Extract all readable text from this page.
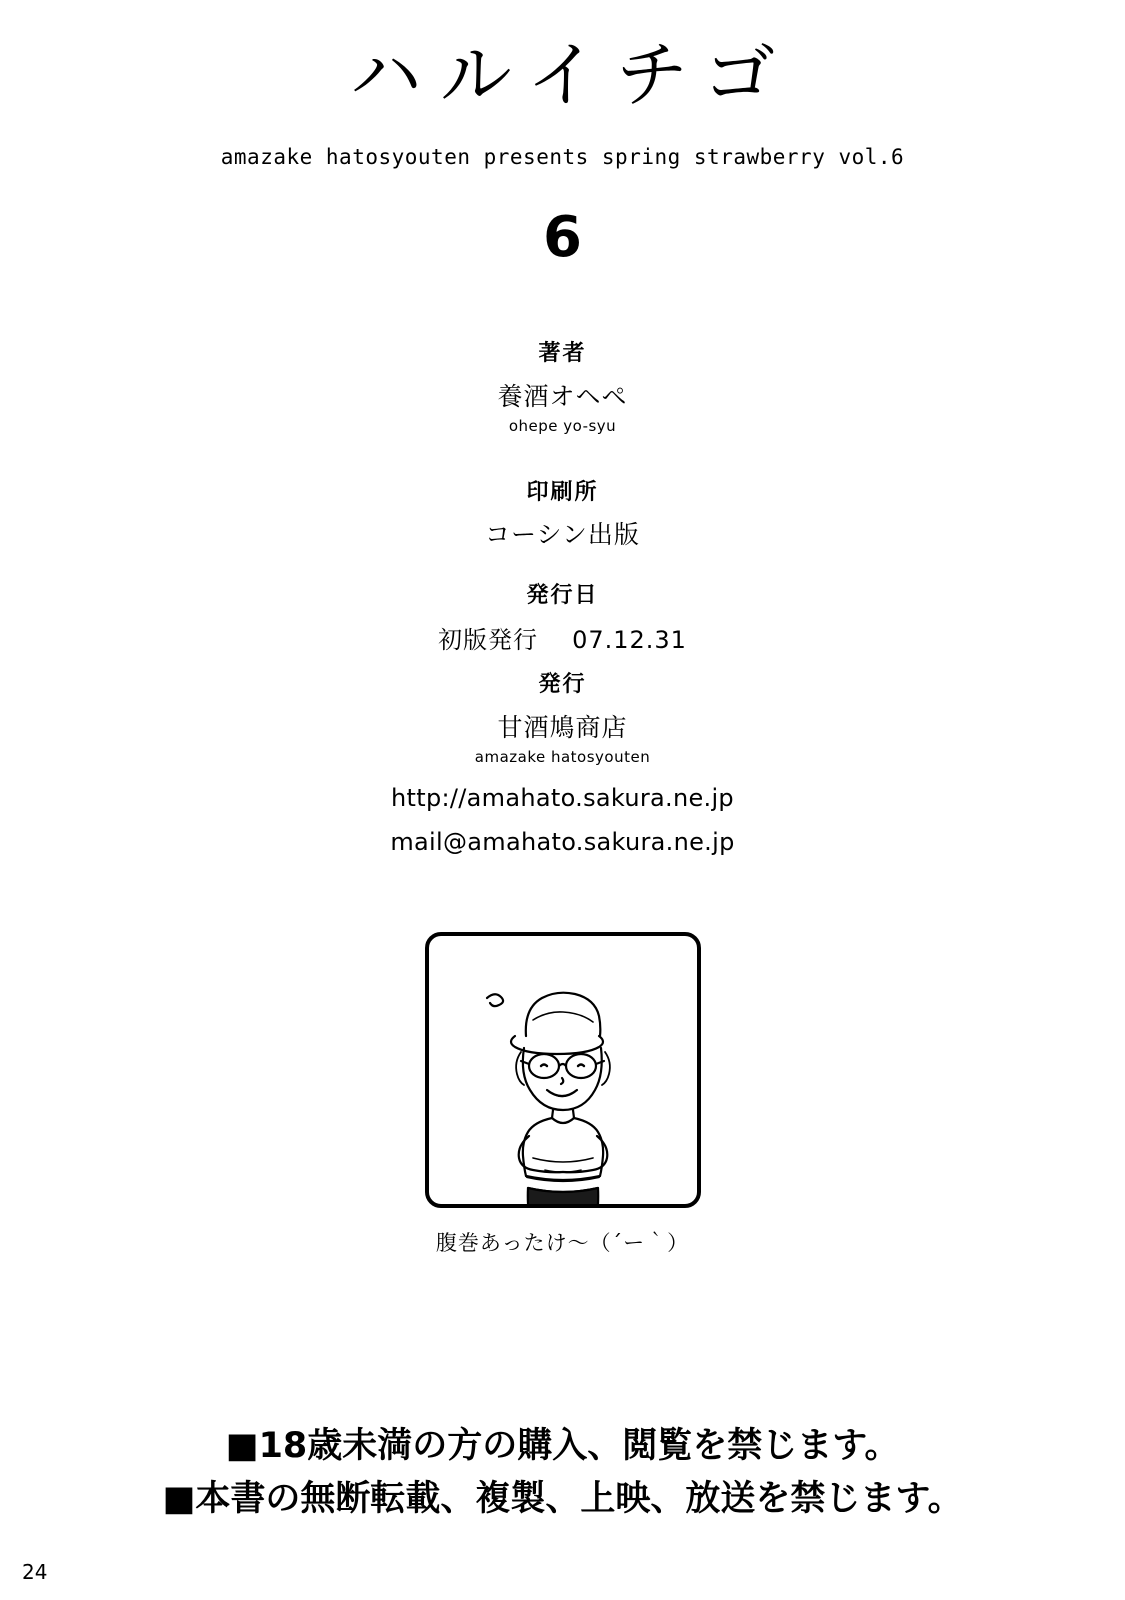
ハルイチゴ
amazake hatosyouten presents spring strawberry vol.6
6
著者
養酒オヘペ
ohepe yo-syu
印刷所
コーシン出版
発行日
初版発行 07.12.31
発行
甘酒鳩商店
amazake hatosyouten
http://amahato.sakura.ne.jp
mail@amahato.sakura.ne.jp
腹巻あったけ〜（´ー｀）
■18歳未満の方の購入、閲覧を禁じます。
■本書の無断転載、複製、上映、放送を禁じます。
24
